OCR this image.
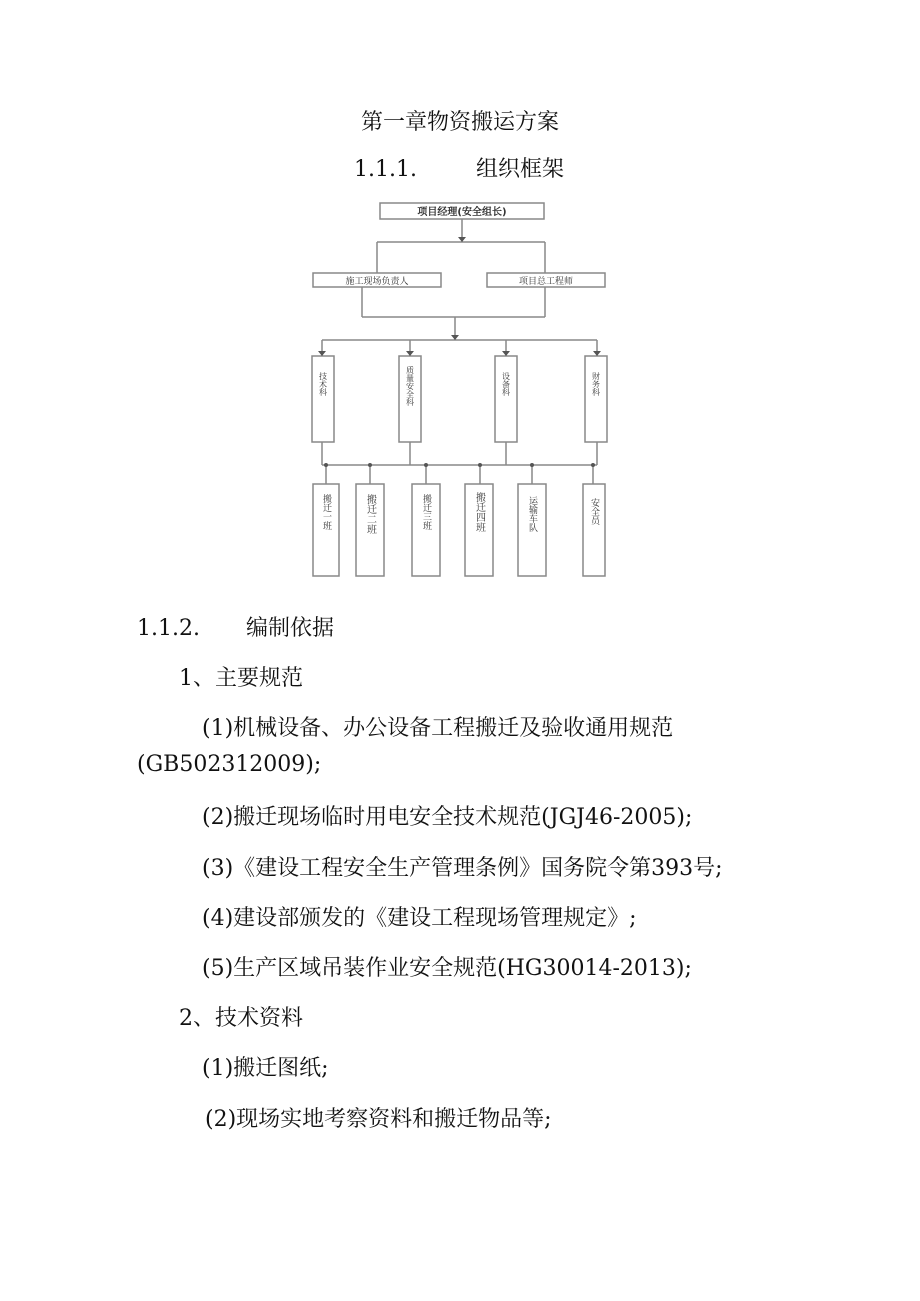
第一章物资搬运方案
1.1.1.	组织框架
项目经理(安全组长)
施工现场负责人	项目总工程师
技术科	质量安全科	设备科	财务科
搬迁一班	搬迁二班	搬迁三班	搬迁四班	运输车队	安全员
1.1.2. 编制依据
1、主要规范
(1)机械设备、办公设备工程搬迁及验收通用规范
(GB502312009);
(2)搬迁现场临时用电安全技术规范(JGJ46-2005);
(3)《建设工程安全生产管理条例》国务院令第393号;
(4)建设部颁发的《建设工程现场管理规定》;
(5)生产区域吊装作业安全规范(HG30014-2013);
2、技术资料
(1)搬迁图纸;
(2)现场实地考察资料和搬迁物品等;
